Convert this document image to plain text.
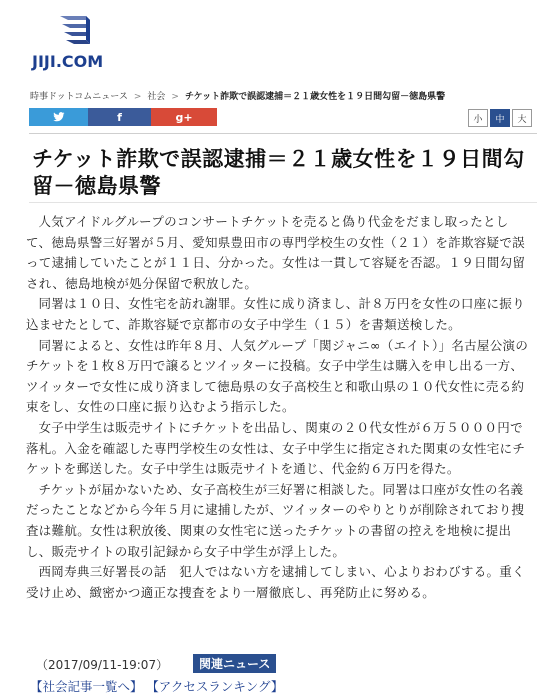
JIJI.COM
時事ドットコムニュース > 社会 > チケット詐欺で誤認逮捕＝２１歳女性を１９日間勾留－徳島県警
f	g+	小	中	大
チケット詐欺で誤認逮捕＝２１歳女性を１９日間勾留－徳島県警

人気アイドルグループのコンサートチケットを売ると偽り代金をだまし取ったとして、徳島県警三好署が５月、愛知県豊田市の専門学校生の女性（２１）を詐欺容疑で誤って逮捕していたことが１１日、分かった。女性は一貫して容疑を否認。１９日間勾留され、徳島地検が処分保留で釈放した。

同署は１０日、女性宅を訪れ謝罪。女性に成り済まし、計８万円を女性の口座に振り込ませたとして、詐欺容疑で京都市の女子中学生（１５）を書類送検した。

同署によると、女性は昨年８月、人気グループ「関ジャニ∞（エイト）」名古屋公演のチケットを１枚８万円で譲るとツイッターに投稿。女子中学生は購入を申し出る一方、ツイッターで女性に成り済まして徳島県の女子高校生と和歌山県の１０代女性に売る約束をし、女性の口座に振り込むよう指示した。

女子中学生は販売サイトにチケットを出品し、関東の２０代女性が６万５０００円で落札。入金を確認した専門学校生の女性は、女子中学生に指定された関東の女性宅にチケットを郵送した。女子中学生は販売サイトを通じ、代金約６万円を得た。

チケットが届かないため、女子高校生が三好署に相談した。同署は口座が女性の名義だったことなどから今年５月に逮捕したが、ツイッターのやりとりが削除されており捜査は難航。女性は釈放後、関東の女性宅に送ったチケットの書留の控えを地検に提出し、販売サイトの取引記録から女子中学生が浮上した。

西岡寿典三好署長の話　犯人ではない方を逮捕してしまい、心よりおわびする。重く受け止め、緻密かつ適正な捜査をより一層徹底し、再発防止に努める。

（2017/09/11-19:07）	関連ニュース
【社会記事一覧へ】 【アクセスランキング】
